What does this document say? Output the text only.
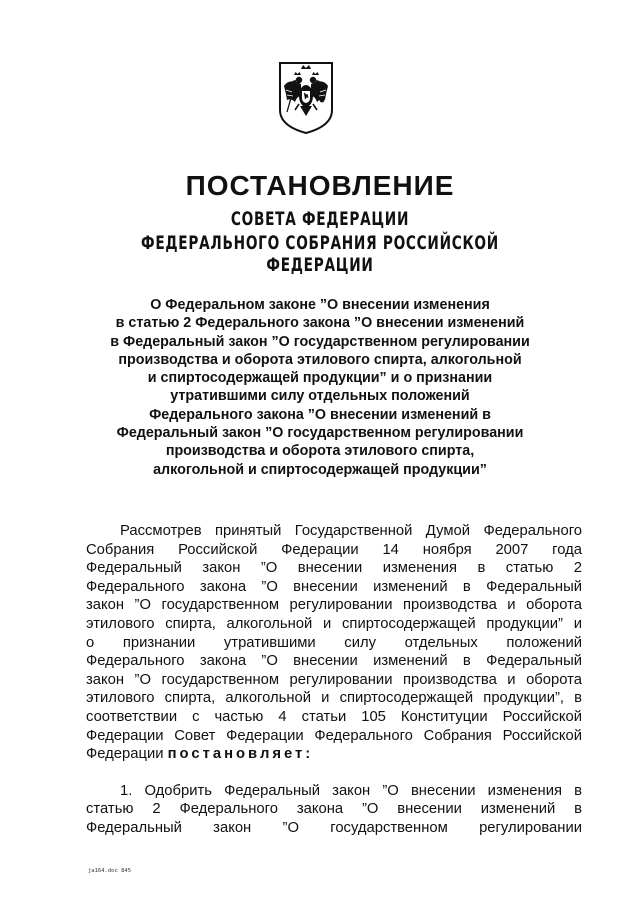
ПОСТАНОВЛЕНИЕ
СОВЕТА ФЕДЕРАЦИИ
ФЕДЕРАЛЬНОГО СОБРАНИЯ РОССИЙСКОЙ ФЕДЕРАЦИИ
О Федеральном законе ”О внесении изменения
в статью 2 Федерального закона ”О внесении изменений
в Федеральный закон ”О государственном регулировании
производства и оборота этилового спирта, алкогольной
и спиртосодержащей продукции” и о признании
утратившими силу отдельных положений
Федерального закона ”О внесении изменений в
Федеральный закон ”О государственном регулировании
производства и оборота этилового спирта,
алкогольной и спиртосодержащей продукции”
Рассмотрев принятый Государственной Думой Федерального
Собрания Российской Федерации 14 ноября 2007 года
Федеральный закон ”О внесении изменения в статью 2
Федерального закона ”О внесении изменений в Федеральный
закон ”О государственном регулировании производства и оборота
этилового спирта, алкогольной и спиртосодержащей продукции” и
о признании утратившими силу отдельных положений
Федерального закона ”О внесении изменений в Федеральный
закон ”О государственном регулировании производства и оборота
этилового спирта, алкогольной и спиртосодержащей продукции”, в
соответствии с частью 4 статьи 105 Конституции Российской
Федерации Совет Федерации Федерального Собрания Российской
Федерации постановляет:
1. Одобрить Федеральный закон ”О внесении изменения в
статью 2 Федерального закона ”О внесении изменений в
Федеральный закон ”О государственном регулировании
ja164.doc 845
